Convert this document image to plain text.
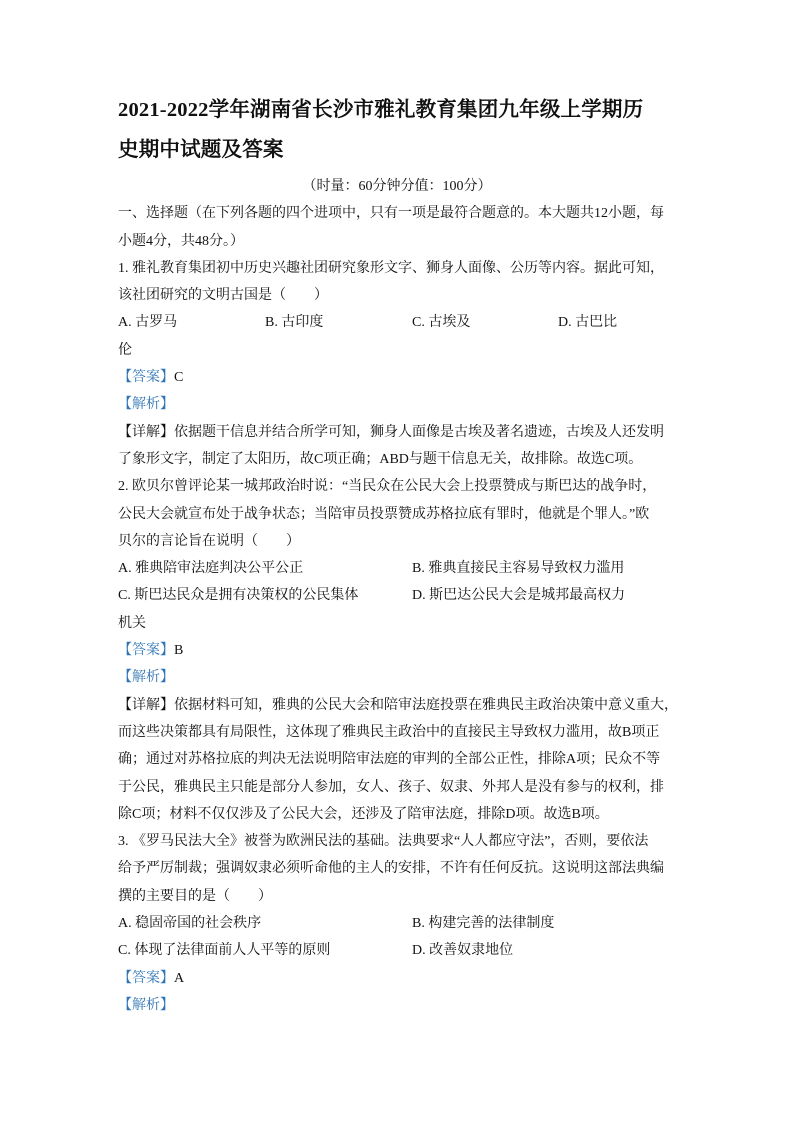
2021-2022学年湖南省长沙市雅礼教育集团九年级上学期历
史期中试题及答案
（时量：60分钟分值：100分）
一、选择题（在下列各题的四个进项中，只有一项是最符合题意的。本大题共12小题，每
小题4分，共48分。）
1. 雅礼教育集团初中历史兴趣社团研究象形文字、狮身人面像、公历等内容。据此可知，
该社团研究的文明古国是（　　）
A. 古罗马	B. 古印度	C. 古埃及	D. 古巴比
伦
【答案】C
【解析】
【详解】依据题干信息并结合所学可知，狮身人面像是古埃及著名遗迹，古埃及人还发明
了象形文字，制定了太阳历，故C项正确；ABD与题干信息无关，故排除。故选C项。
2. 欧贝尔曾评论某一城邦政治时说：“当民众在公民大会上投票赞成与斯巴达的战争时，
公民大会就宣布处于战争状态；当陪审员投票赞成苏格拉底有罪时，他就是个罪人。”欧
贝尔的言论旨在说明（　　）
A. 雅典陪审法庭判决公平公正	B. 雅典直接民主容易导致权力滥用
C. 斯巴达民众是拥有决策权的公民集体	D. 斯巴达公民大会是城邦最高权力
机关
【答案】B
【解析】
【详解】依据材料可知，雅典的公民大会和陪审法庭投票在雅典民主政治决策中意义重大，
而这些决策都具有局限性，这体现了雅典民主政治中的直接民主导致权力滥用，故B项正
确；通过对苏格拉底的判决无法说明陪审法庭的审判的全部公正性，排除A项；民众不等
于公民，雅典民主只能是部分人参加，女人、孩子、奴隶、外邦人是没有参与的权利，排
除C项；材料不仅仅涉及了公民大会，还涉及了陪审法庭，排除D项。故选B项。
3. 《罗马民法大全》被誉为欧洲民法的基础。法典要求“人人都应守法”，否则，要依法
给予严厉制裁；强调奴隶必须听命他的主人的安排，不许有任何反抗。这说明这部法典编
撰的主要目的是（　　）
A. 稳固帝国的社会秩序	B. 构建完善的法律制度
C. 体现了法律面前人人平等的原则	D. 改善奴隶地位
【答案】A
【解析】
